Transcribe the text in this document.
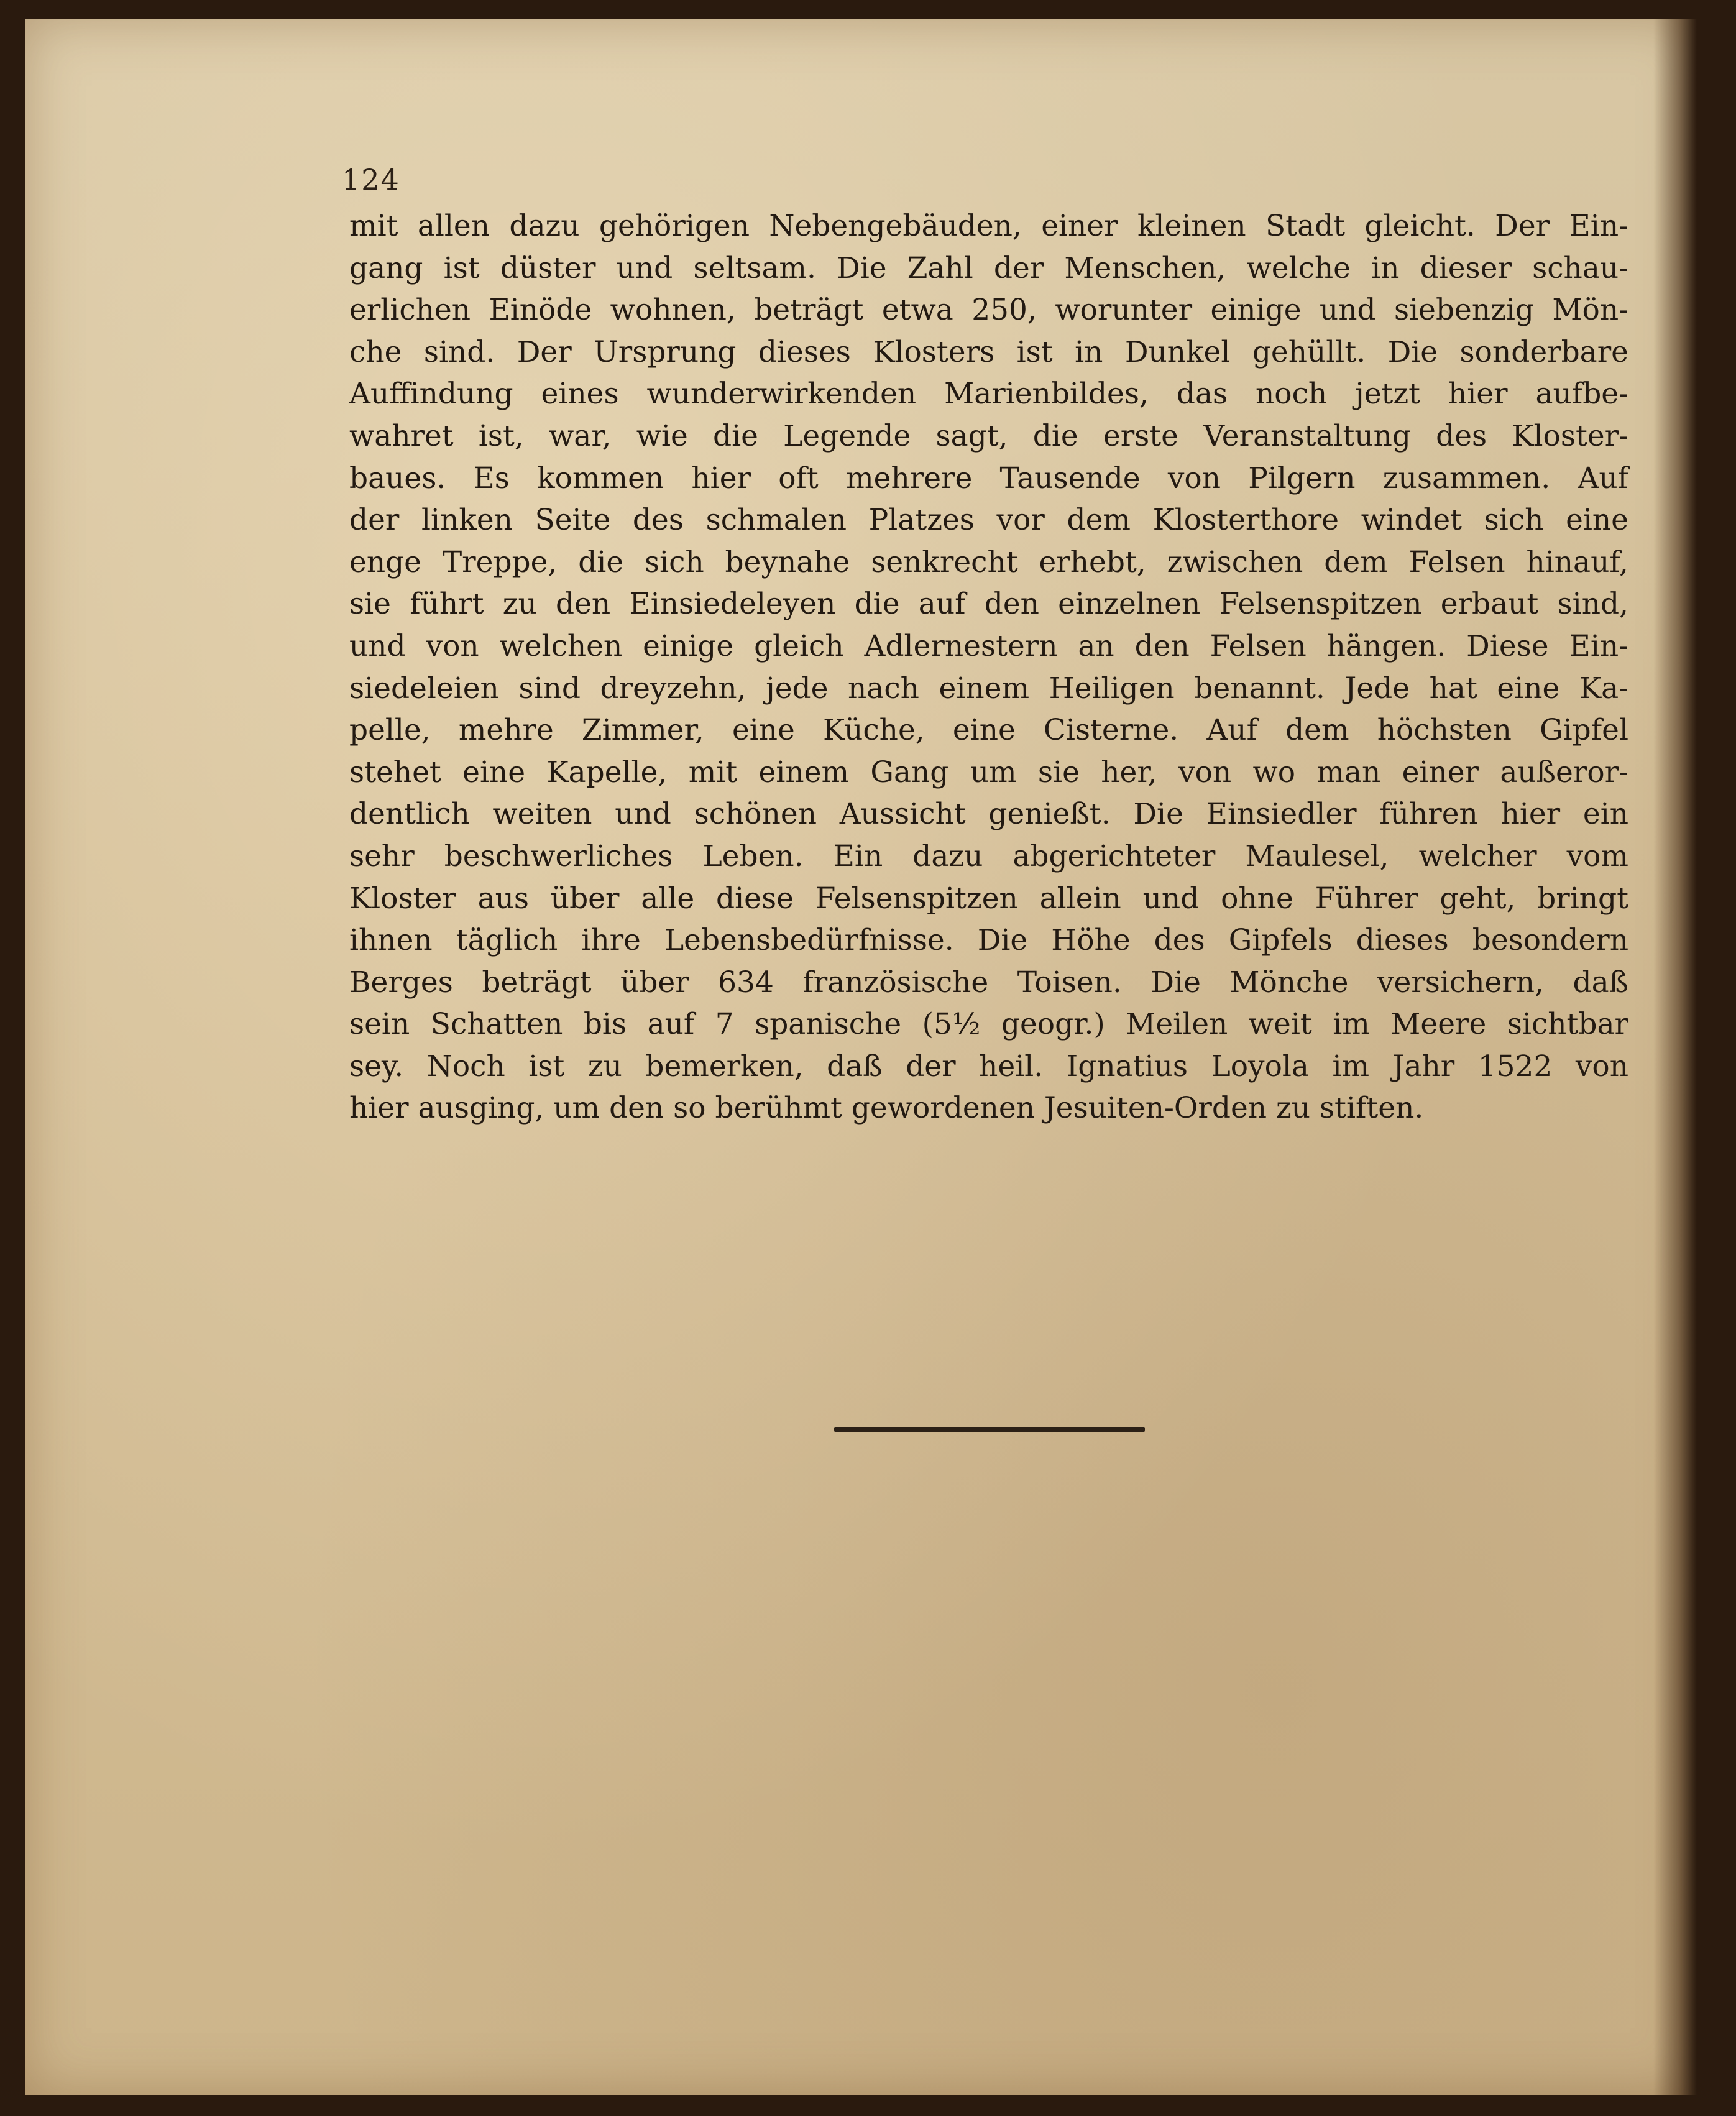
124
mit allen dazu gehörigen Nebengebäuden, einer kleinen Stadt gleicht. Der Ein-
gang ist düster und seltsam. Die Zahl der Menschen, welche in dieser schau-
erlichen Einöde wohnen, beträgt etwa 250, worunter einige und siebenzig Mön-
che sind. Der Ursprung dieses Klosters ist in Dunkel gehüllt. Die sonderbare
Auffindung eines wunderwirkenden Marienbildes, das noch jetzt hier aufbe-
wahret ist, war, wie die Legende sagt, die erste Veranstaltung des Kloster-
baues. Es kommen hier oft mehrere Tausende von Pilgern zusammen. Auf
der linken Seite des schmalen Platzes vor dem Klosterthore windet sich eine
enge Treppe, die sich beynahe senkrecht erhebt, zwischen dem Felsen hinauf,
sie führt zu den Einsiedeleyen die auf den einzelnen Felsenspitzen erbaut sind,
und von welchen einige gleich Adlernestern an den Felsen hängen. Diese Ein-
siedeleien sind dreyzehn, jede nach einem Heiligen benannt. Jede hat eine Ka-
pelle, mehre Zimmer, eine Küche, eine Cisterne. Auf dem höchsten Gipfel
stehet eine Kapelle, mit einem Gang um sie her, von wo man einer außeror-
dentlich weiten und schönen Aussicht genießt. Die Einsiedler führen hier ein
sehr beschwerliches Leben. Ein dazu abgerichteter Maulesel, welcher vom
Kloster aus über alle diese Felsenspitzen allein und ohne Führer geht, bringt
ihnen täglich ihre Lebensbedürfnisse. Die Höhe des Gipfels dieses besondern
Berges beträgt über 634 französische Toisen. Die Mönche versichern, daß
sein Schatten bis auf 7 spanische (5½ geogr.) Meilen weit im Meere sichtbar
sey. Noch ist zu bemerken, daß der heil. Ignatius Loyola im Jahr 1522 von
hier ausging, um den so berühmt gewordenen Jesuiten-Orden zu stiften.
